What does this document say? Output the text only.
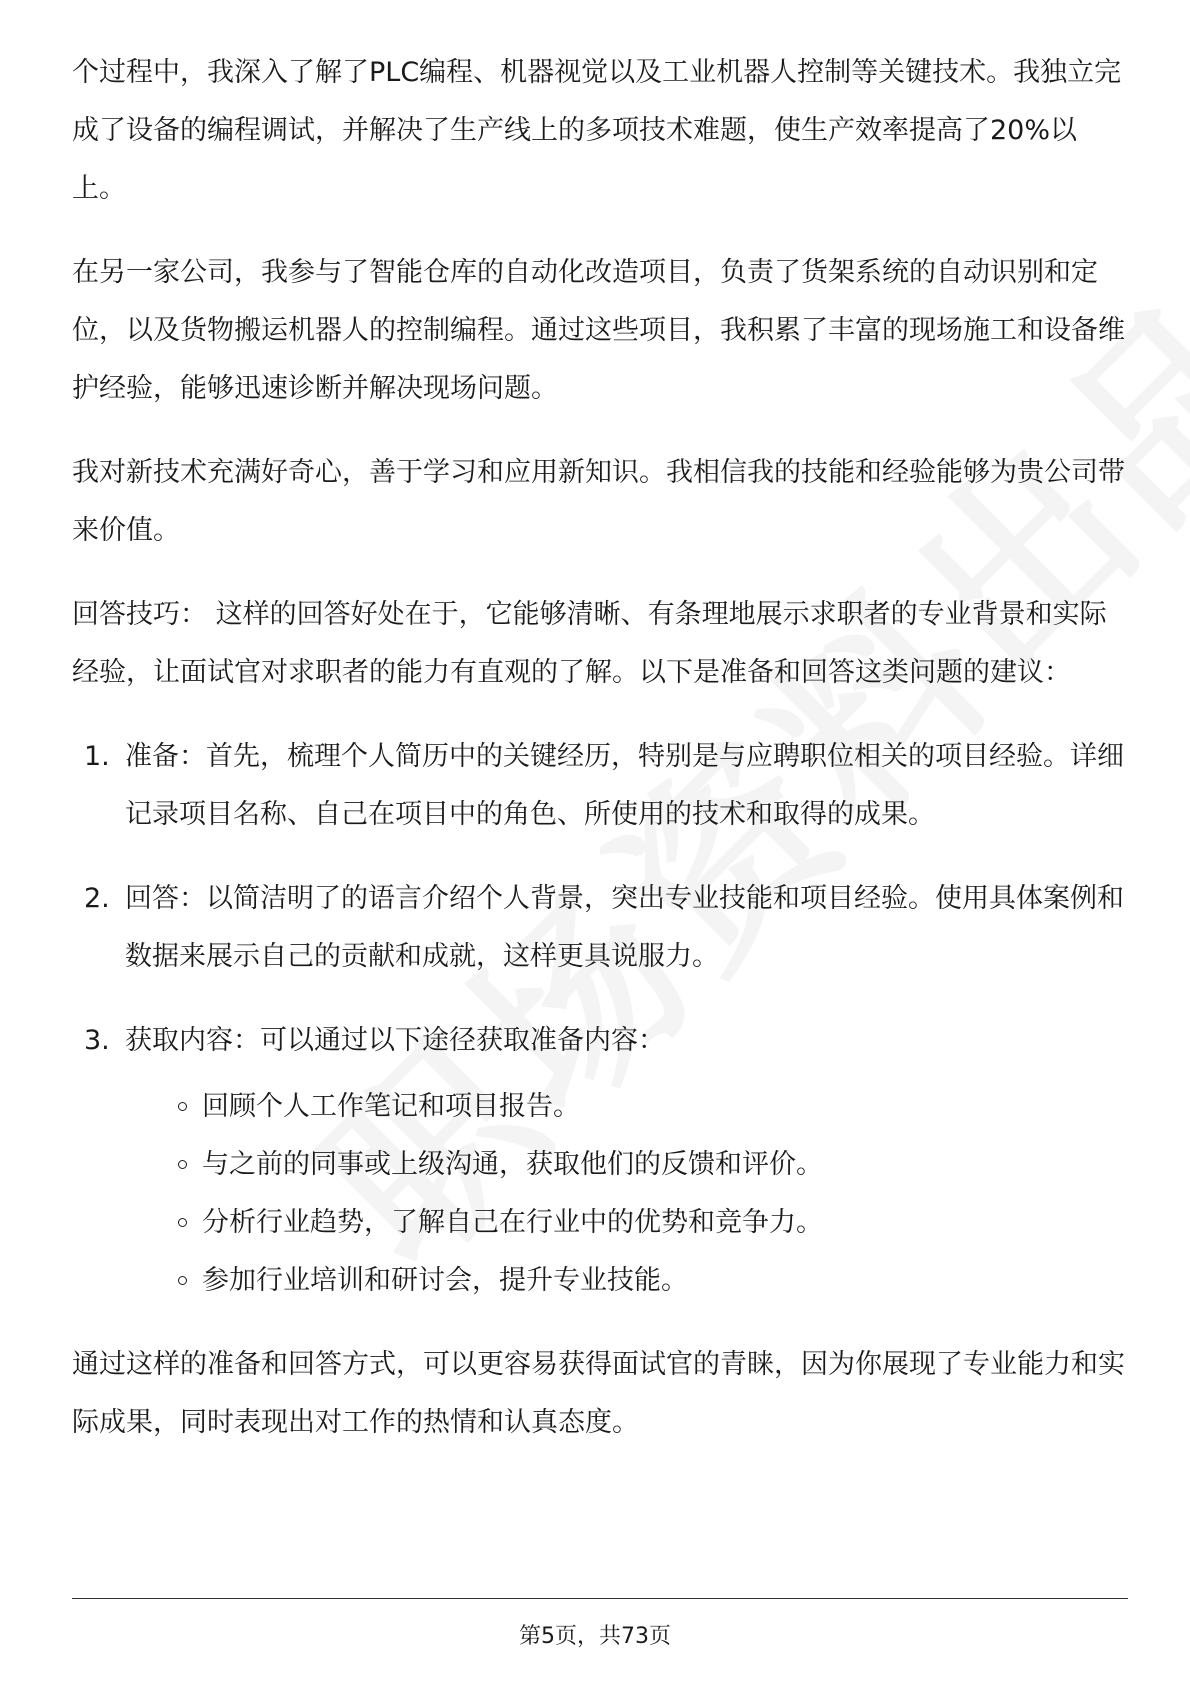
个过程中，我深入了解了PLC编程、机器视觉以及工业机器人控制等关键技术。我独立完成了设备的编程调试，并解决了生产线上的多项技术难题，使生产效率提高了20%以上。

在另一家公司，我参与了智能仓库的自动化改造项目，负责了货架系统的自动识别和定位，以及货物搬运机器人的控制编程。通过这些项目，我积累了丰富的现场施工和设备维护经验，能够迅速诊断并解决现场问题。

我对新技术充满好奇心，善于学习和应用新知识。我相信我的技能和经验能够为贵公司带来价值。

回答技巧： 这样的回答好处在于，它能够清晰、有条理地展示求职者的专业背景和实际经验，让面试官对求职者的能力有直观的了解。以下是准备和回答这类问题的建议：

1. 准备：首先，梳理个人简历中的关键经历，特别是与应聘职位相关的项目经验。详细记录项目名称、自己在项目中的角色、所使用的技术和取得的成果。
2. 回答：以简洁明了的语言介绍个人背景，突出专业技能和项目经验。使用具体案例和数据来展示自己的贡献和成就，这样更具说服力。
3. 获取内容：可以通过以下途径获取准备内容：
回顾个人工作笔记和项目报告。
与之前的同事或上级沟通，获取他们的反馈和评价。
分析行业趋势，了解自己在行业中的优势和竞争力。
参加行业培训和研讨会，提升专业技能。

通过这样的准备和回答方式，可以更容易获得面试官的青睐，因为你展现了专业能力和实际成果，同时表现出对工作的热情和认真态度。

第5页，共73页
